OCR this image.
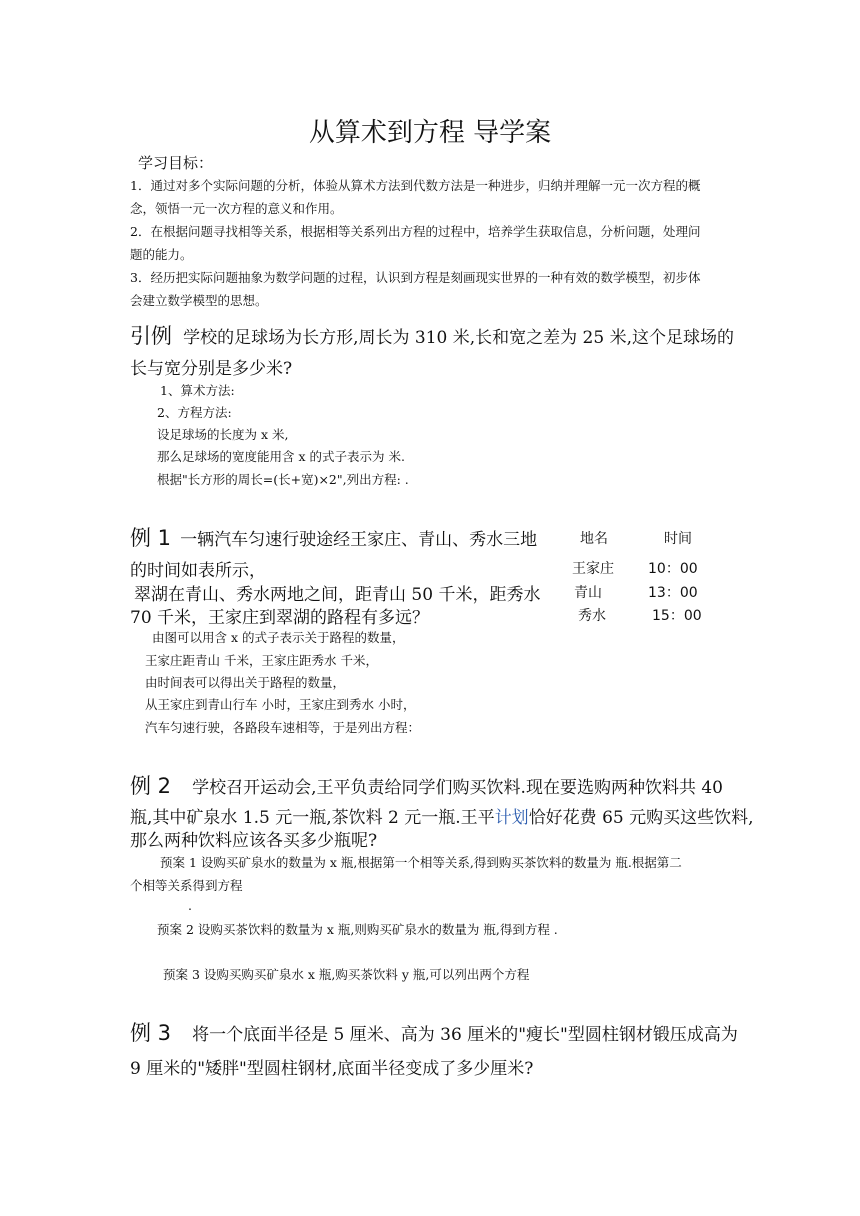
从算术到方程 导学案
学习目标：
1．通过对多个实际问题的分析，体验从算术方法到代数方法是一种进步，归纳并理解一元一次方程的概
念，领悟一元一次方程的意义和作用。
2．在根据问题寻找相等关系，根据相等关系列出方程的过程中，培养学生获取信息，分析问题，处理问
题的能力。
3．经历把实际问题抽象为数学问题的过程，认识到方程是刻画现实世界的一种有效的数学模型，初步体
会建立数学模型的思想。
引例 学校的足球场为长方形,周长为 310 米,长和宽之差为 25 米,这个足球场的
长与宽分别是多少米?
1、算术方法:
2、方程方法:
设足球场的长度为 x 米,
那么足球场的宽度能用含 x 的式子表示为 米.
根据"长方形的周长=(长+宽)×2",列出方程: .
例 1 一辆汽车匀速行驶途经王家庄、青山、秀水三地
的时间如表所示，
翠湖在青山、秀水两地之间，距青山 50 千米，距秀水
70 千米，王家庄到翠湖的路程有多远？
地名	时间
王家庄 10：00
青山	13：00
秀水	15：00
由图可以用含 x 的式子表示关于路程的数量，
王家庄距青山 千米，王家庄距秀水 千米，
由时间表可以得出关于路程的数量，
从王家庄到青山行车 小时，王家庄到秀水 小时，
汽车匀速行驶，各路段车速相等，于是列出方程：
例 2 学校召开运动会,王平负责给同学们购买饮料.现在要选购两种饮料共 40
瓶,其中矿泉水 1.5 元一瓶,茶饮料 2 元一瓶.王平计划恰好花费 65 元购买这些饮料,
那么两种饮料应该各买多少瓶呢?
预案 1 设购买矿泉水的数量为 x 瓶,根据第一个相等关系,得到购买茶饮料的数量为 瓶.根据第二
个相等关系得到方程
.
预案 2 设购买茶饮料的数量为 x 瓶,则购买矿泉水的数量为 瓶,得到方程 .
预案 3 设购买购买矿泉水 x 瓶,购买茶饮料 y 瓶,可以列出两个方程
例 3 将一个底面半径是 5 厘米、高为 36 厘米的"瘦长"型圆柱钢材锻压成高为
9 厘米的"矮胖"型圆柱钢材,底面半径变成了多少厘米?
